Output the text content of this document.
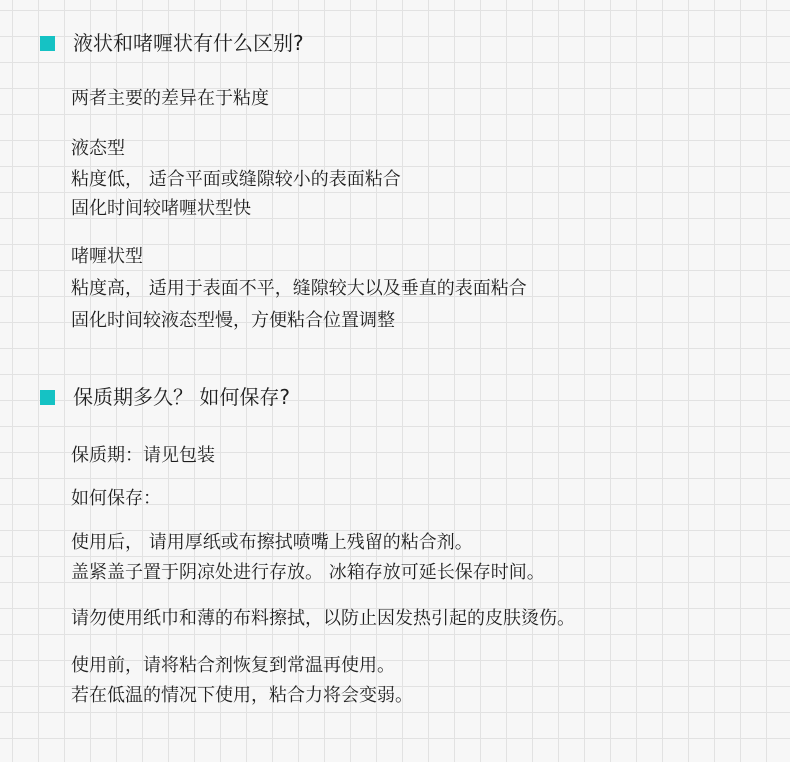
液状和啫喱状有什么区别?
两者主要的差异在于粘度
液态型
粘度低， 适合平面或缝隙较小的表面粘合
固化时间较啫喱状型快
啫喱状型
粘度高， 适用于表面不平，缝隙较大以及垂直的表面粘合
固化时间较液态型慢，方便粘合位置调整
保质期多久？ 如何保存?
保质期：请见包装
如何保存：
使用后， 请用厚纸或布擦拭喷嘴上残留的粘合剂。
盖紧盖子置于阴凉处进行存放。 冰箱存放可延长保存时间。
请勿使用纸巾和薄的布料擦拭，以防止因发热引起的皮肤烫伤。
使用前，请将粘合剂恢复到常温再使用。
若在低温的情况下使用，粘合力将会变弱。
